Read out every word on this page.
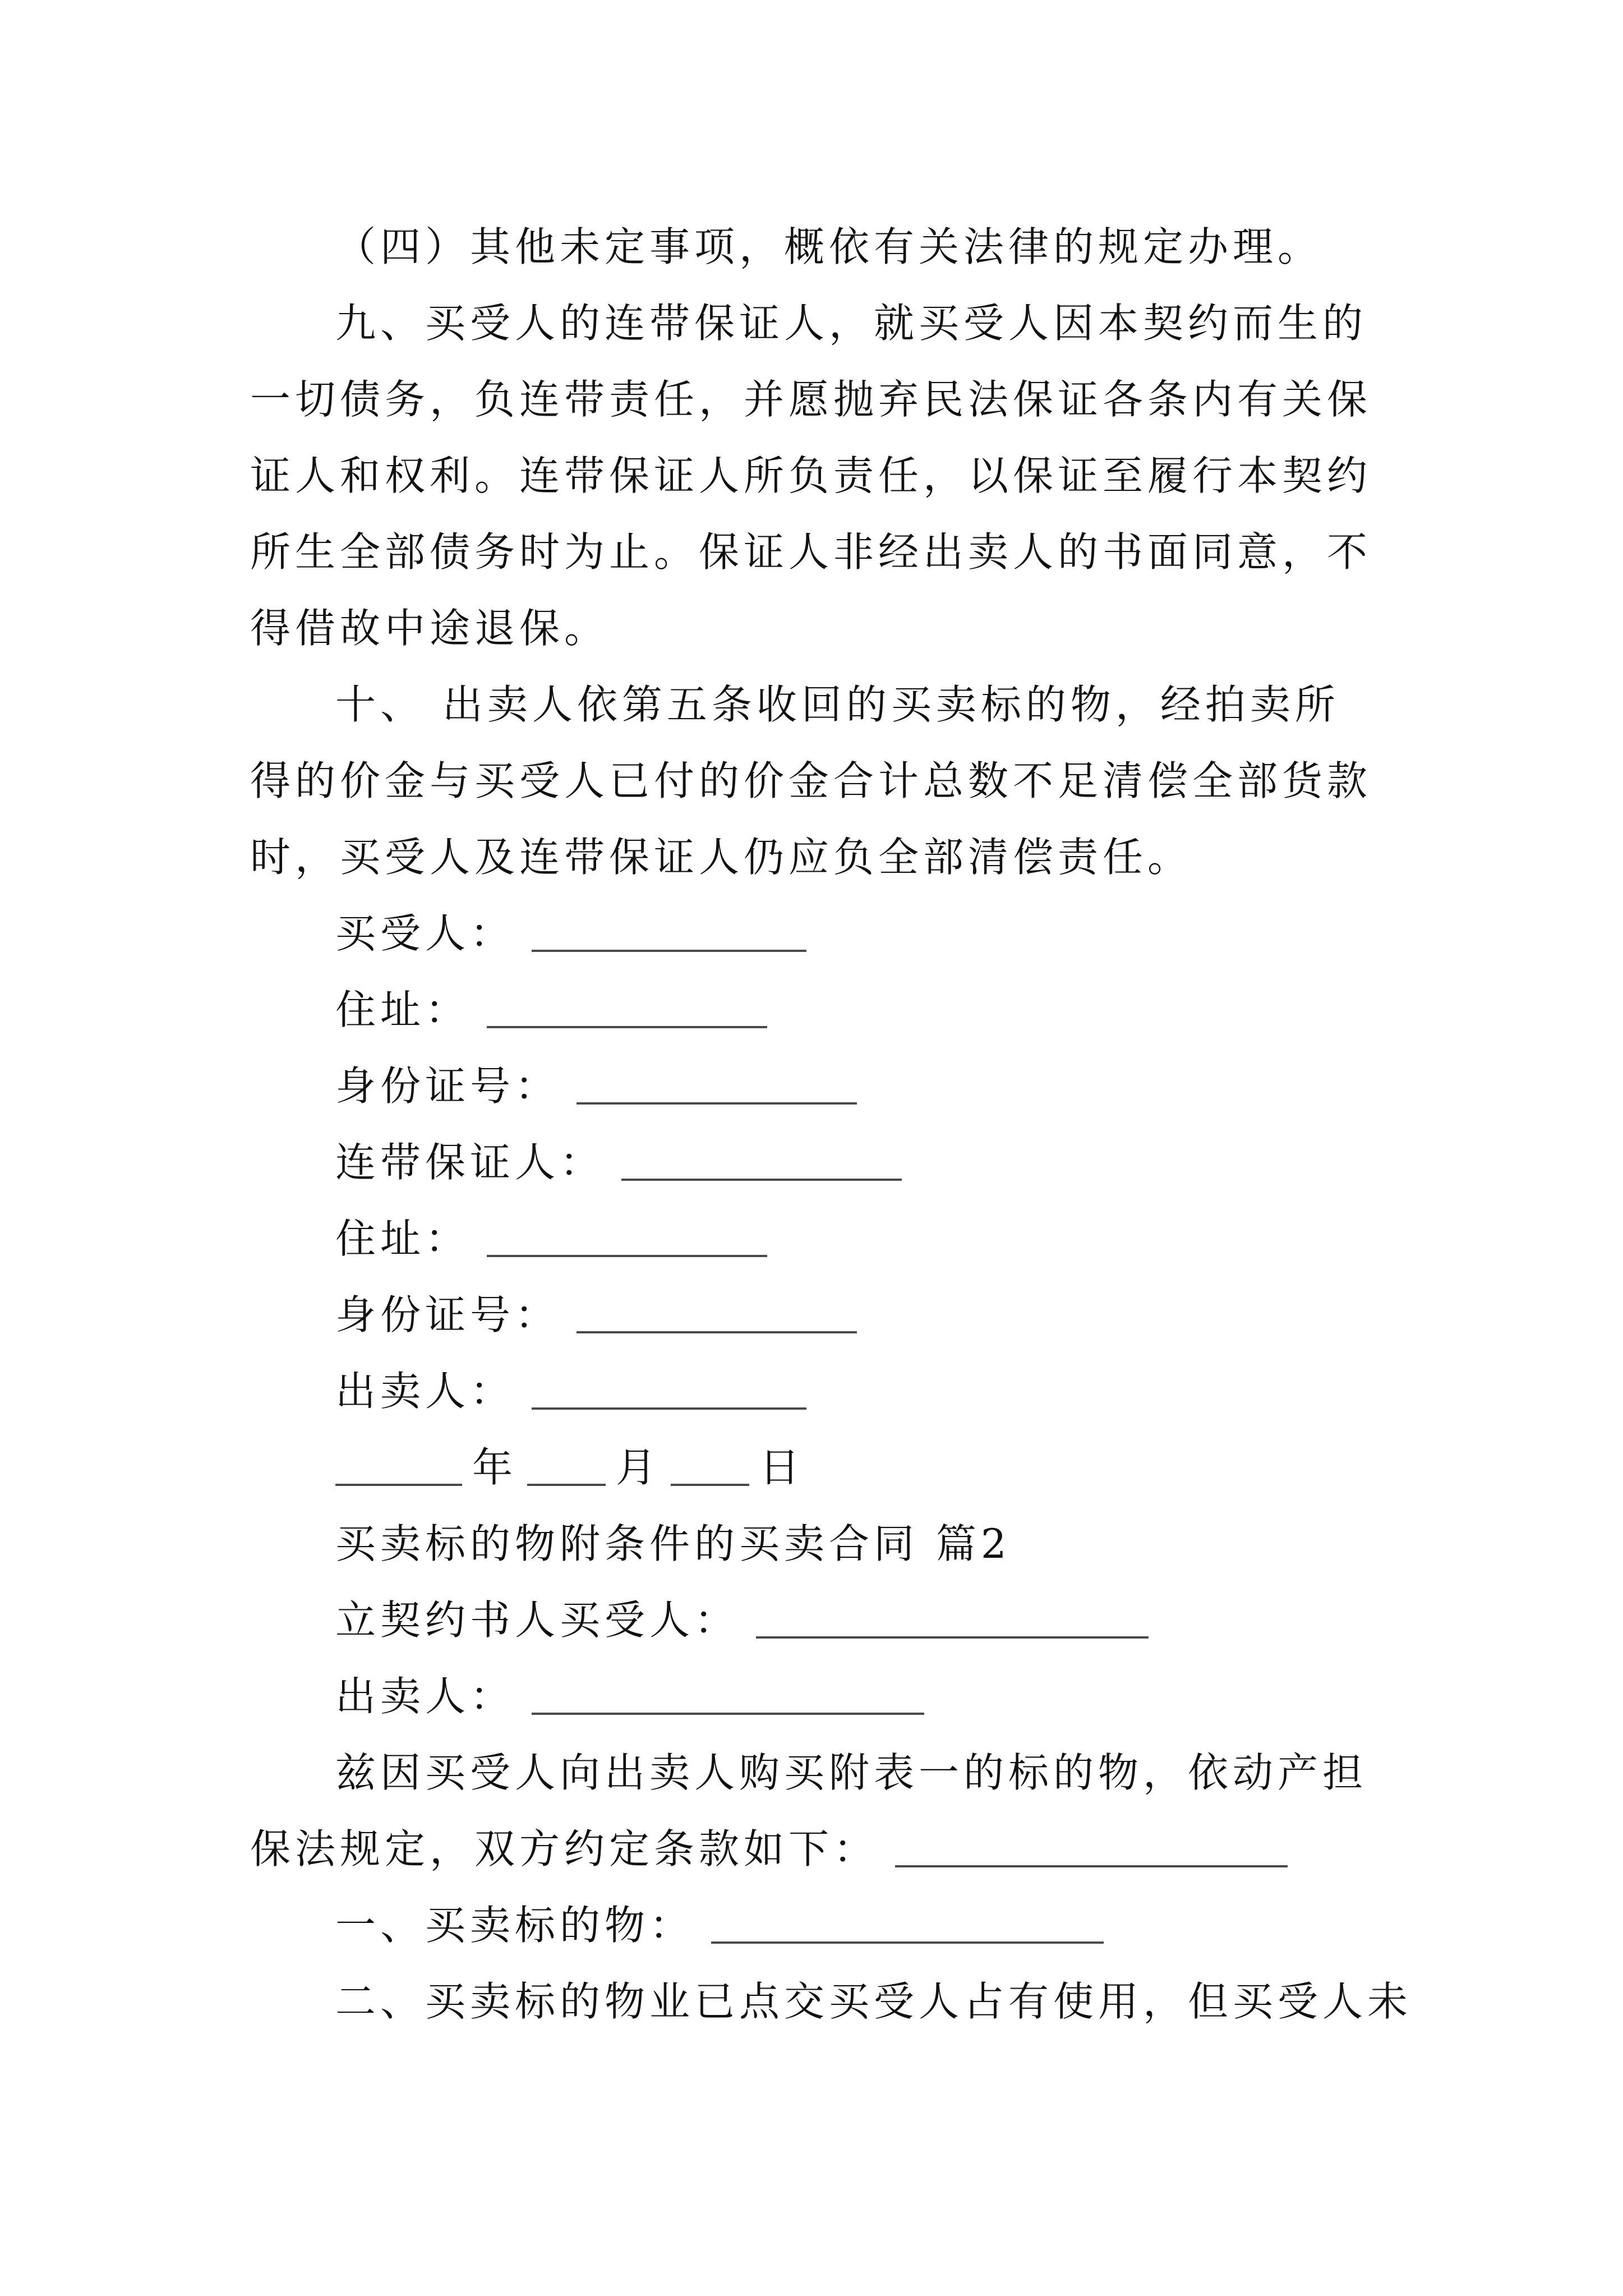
（四）其他未定事项，概依有关法律的规定办理。
九、买受人的连带保证人，就买受人因本契约而生的一切债务，负连带责任，并愿抛弃民法保证各条内有关保证人和权利。连带保证人所负责任，以保证至履行本契约所生全部债务时为止。保证人非经出卖人的书面同意，不得借故中途退保。
十、 出卖人依第五条收回的买卖标的物，经拍卖所得的价金与买受人已付的价金合计总数不足清偿全部货款时，买受人及连带保证人仍应负全部清偿责任。
买受人：
住址：
身份证号：
连带保证人：
住址：
身份证号：
出卖人：
年 月 日
买卖标的物附条件的买卖合同 篇2
立契约书人买受人：
出卖人：
兹因买受人向出卖人购买附表一的标的物，依动产担保法规定，双方约定条款如下：
一、买卖标的物：
二、买卖标的物业已点交买受人占有使用，但买受人未
